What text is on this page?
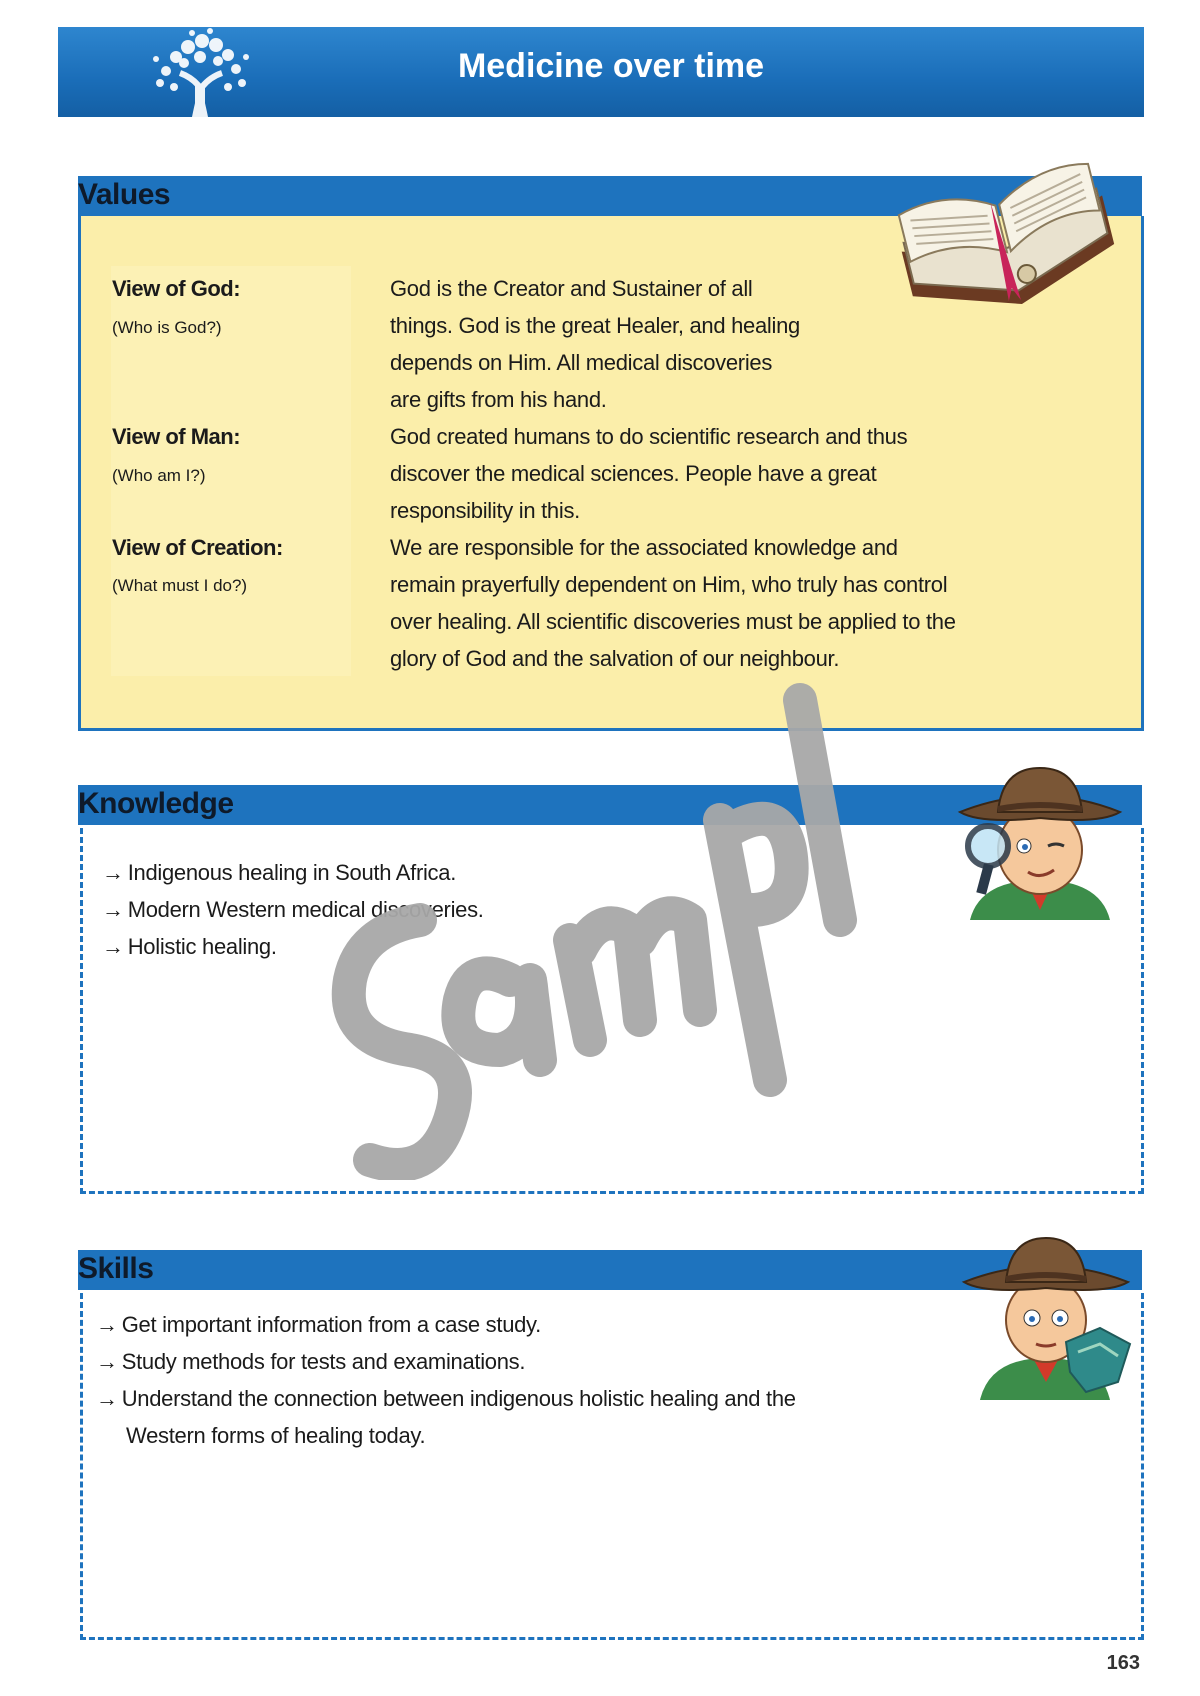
Medicine over time
Values
View of God:
(Who is God?)
God is the Creator and Sustainer of all
things. God is the great Healer, and healing
depends on Him. All medical discoveries
are gifts from his hand.
View of Man:
(Who am I?)
God created humans to do scientific research and thus
discover the medical sciences. People have a great
responsibility in this.
View of Creation:
(What must I do?)
We are responsible for the associated knowledge and
remain prayerfully dependent on Him, who truly has control
over healing. All scientific discoveries must be applied to the
glory of God and the salvation of our neighbour.
Knowledge
→ Indigenous healing in South Africa.
→ Modern Western medical discoveries.
→ Holistic healing.
Skills
→ Get important information from a case study.
→ Study methods for tests and examinations.
→ Understand the connection between indigenous holistic healing and the
Western forms of healing today.
163
